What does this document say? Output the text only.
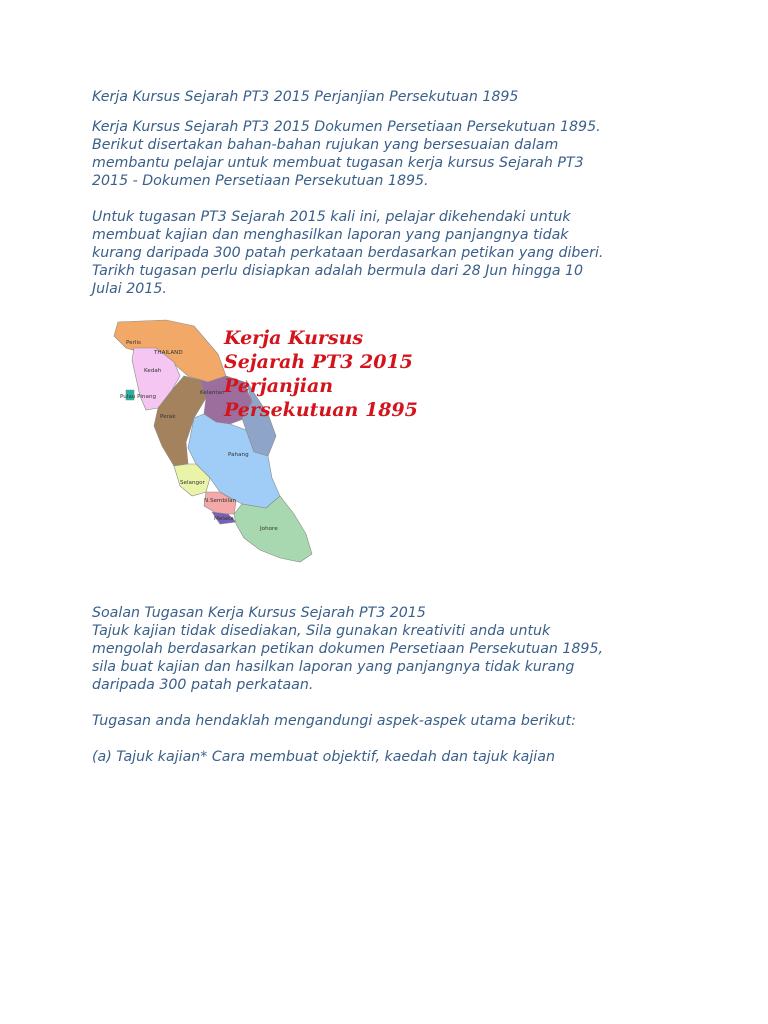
Kerja Kursus Sejarah PT3 2015 Perjanjian Persekutuan 1895

Kerja Kursus Sejarah PT3 2015 Dokumen Persetiaan Persekutuan 1895.

Berikut disertakan bahan-bahan rujukan yang bersesuaian dalam

membantu pelajar untuk membuat tugasan kerja kursus Sejarah PT3

2015 - Dokumen Persetiaan Persekutuan 1895.

Untuk tugasan PT3 Sejarah 2015 kali ini, pelajar dikehendaki untuk

membuat kajian dan menghasilkan laporan yang panjangnya tidak

kurang daripada 300 patah perkataan berdasarkan petikan yang diberi.

Tarikh tugasan perlu disiapkan adalah bermula dari 28 Jun hingga 10

Julai 2015.

Perlis
THAILAND
Kedah
Pulau Pinang
Kelantan
Perak
Pahang
Selangor
N.Sembilan
Melaka
Johore
Kerja Kursus
Sejarah PT3 2015
Perjanjian
Persekutuan 1895

Soalan Tugasan Kerja Kursus Sejarah PT3 2015

Tajuk kajian tidak disediakan, Sila gunakan kreativiti anda untuk

mengolah berdasarkan petikan dokumen Persetiaan Persekutuan 1895,

sila buat kajian dan hasilkan laporan yang panjangnya tidak kurang

daripada 300 patah perkataan.

Tugasan anda hendaklah mengandungi aspek-aspek utama berikut:

(a) Tajuk kajian* Cara membuat objektif, kaedah dan tajuk kajian
